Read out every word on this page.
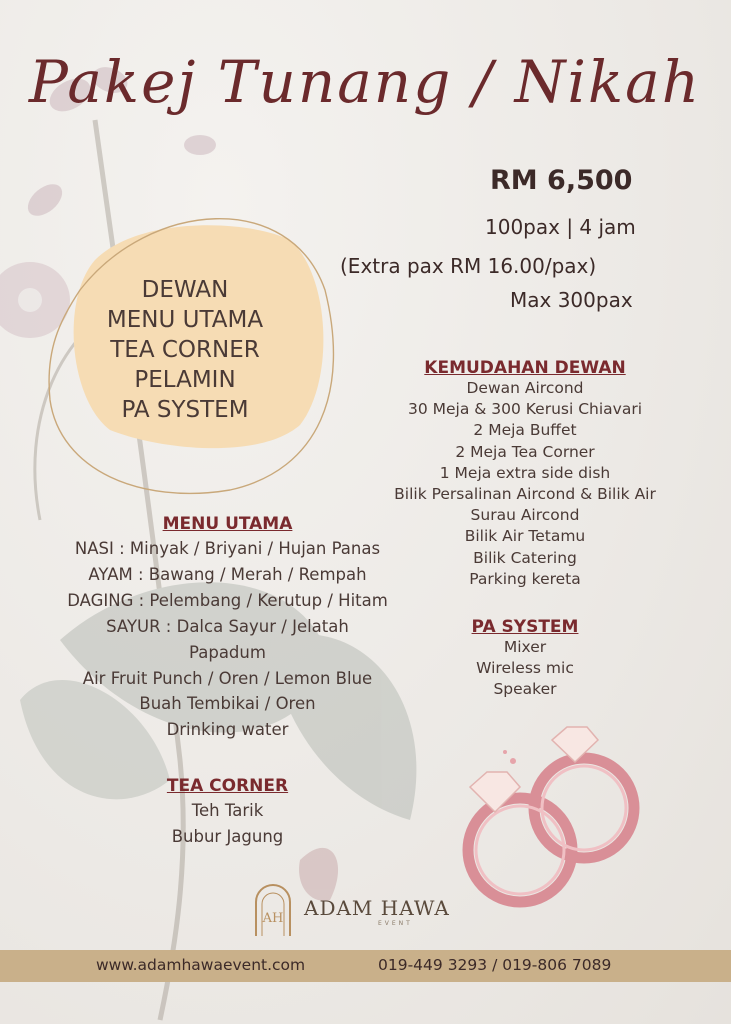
Pakej Tunang / Nikah
RM 6,500
100pax | 4 jam
(Extra pax RM 16.00/pax)
Max 300pax
DEWAN
MENU UTAMA
TEA CORNER
PELAMIN
PA SYSTEM
KEMUDAHAN DEWAN
Dewan Aircond
30 Meja & 300 Kerusi Chiavari
2 Meja Buffet
2 Meja Tea Corner
1 Meja extra side dish
Bilik Persalinan Aircond & Bilik Air
Surau Aircond
Bilik Air Tetamu
Bilik Catering
Parking kereta
PA SYSTEM
Mixer
Wireless mic
Speaker
MENU UTAMA
NASI : Minyak / Briyani / Hujan Panas
AYAM : Bawang / Merah / Rempah
DAGING : Pelembang / Kerutup / Hitam
SAYUR : Dalca Sayur / Jelatah
Papadum
Air Fruit Punch / Oren / Lemon Blue
Buah Tembikai / Oren
Drinking water
TEA CORNER
Teh Tarik
Bubur Jagung
AH ADAM HAWA
EVENT
www.adamhawaevent.com	019-449 3293 / 019-806 7089
